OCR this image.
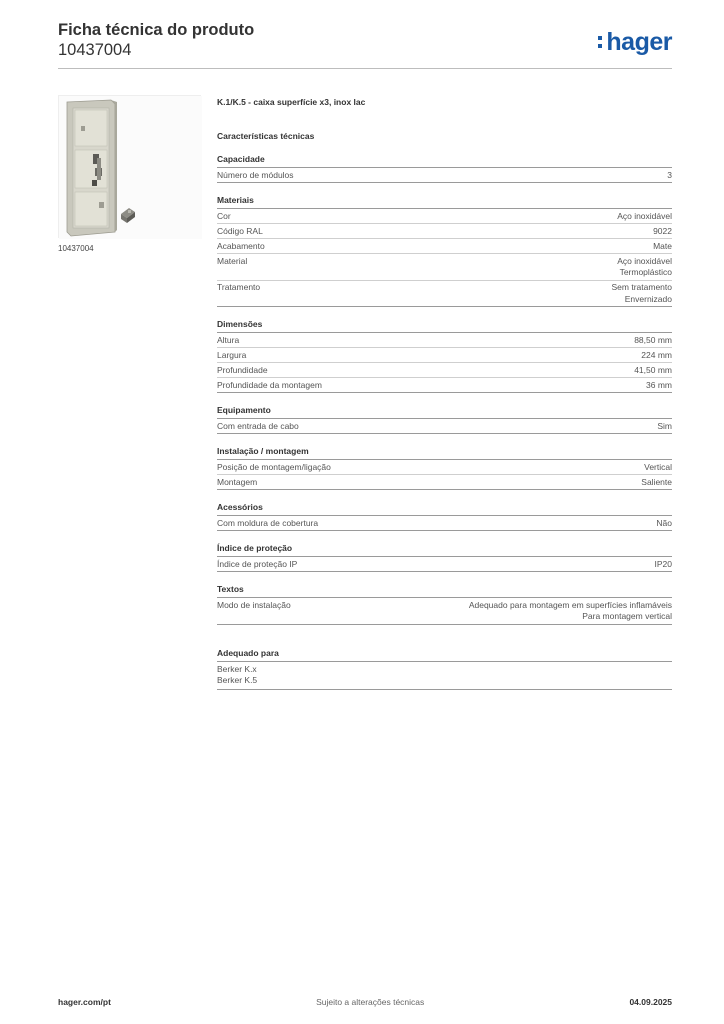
Ficha técnica do produto
10437004	hager
10437004
K.1/K.5 - caixa superfície x3, inox lac
Características técnicas
Capacidade
Número de módulos	3
Materiais
Cor	Aço inoxidável
Código RAL	9022
Acabamento	Mate
Material	Aço inoxidável
Termoplástico
Tratamento	Sem tratamento
Envernizado
Dimensões
Altura	88,50 mm
Largura	224 mm
Profundidade	41,50 mm
Profundidade da montagem	36 mm
Equipamento
Com entrada de cabo	Sim
Instalação / montagem
Posição de montagem/ligação	Vertical
Montagem	Saliente
Acessórios
Com moldura de cobertura	Não
Índice de proteção
Índice de proteção IP	IP20
Textos
Modo de instalação	Adequado para montagem em superfícies inflamáveis
Para montagem vertical
Adequado para
Berker K.x
Berker K.5
hager.com/pt	Sujeito a alterações técnicas	04.09.2025
